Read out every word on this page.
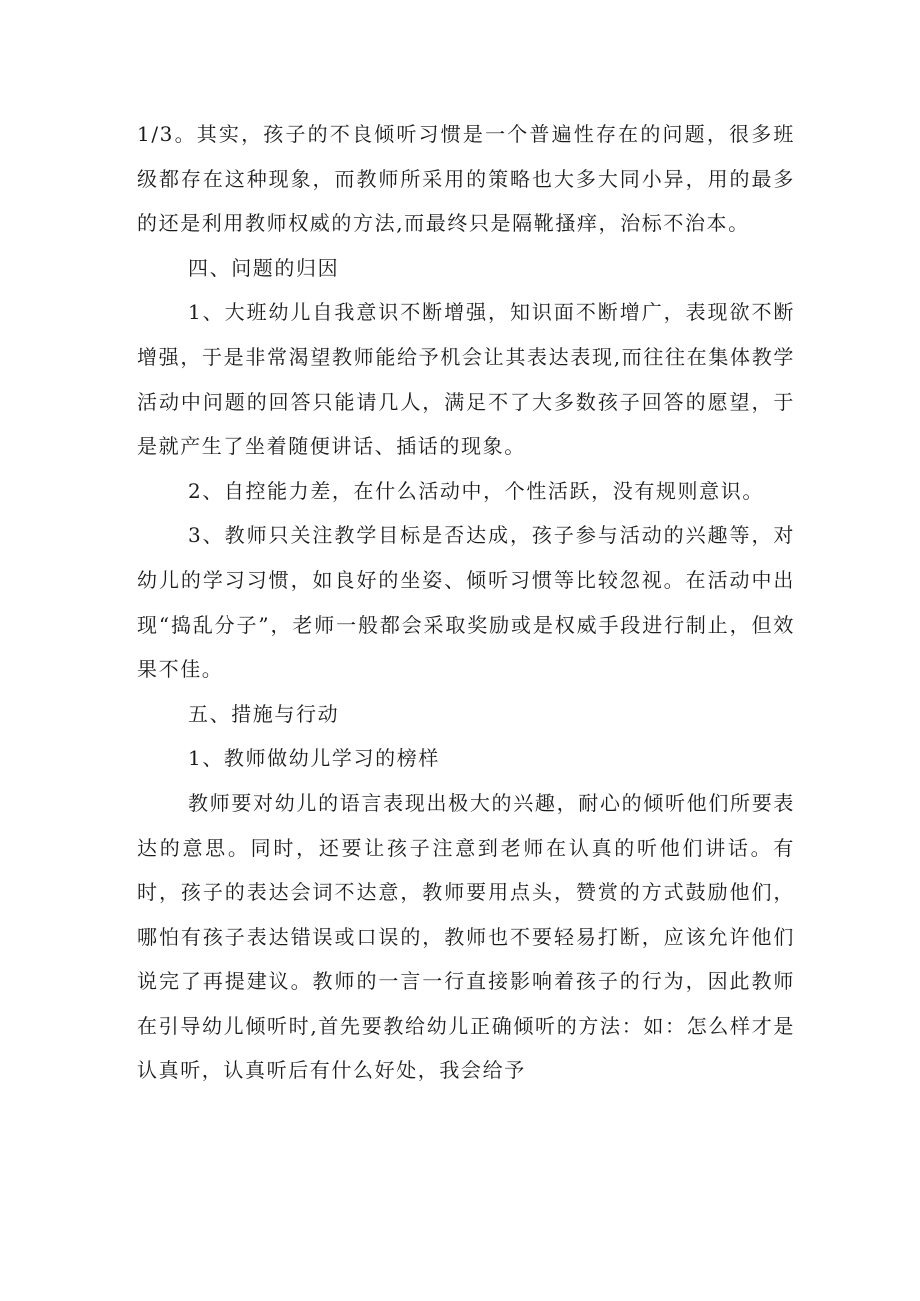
1/3。其实，孩子的不良倾听习惯是一个普遍性存在的问题，很多班级都存在这种现象，而教师所采用的策略也大多大同小异，用的最多的还是利用教师权威的方法,而最终只是隔靴搔痒，治标不治本。

四、问题的归因

1、大班幼儿自我意识不断增强，知识面不断增广，表现欲不断增强，于是非常渴望教师能给予机会让其表达表现,而往往在集体教学活动中问题的回答只能请几人，满足不了大多数孩子回答的愿望，于是就产生了坐着随便讲话、插话的现象。

2、自控能力差，在什么活动中，个性活跃，没有规则意识。

3、教师只关注教学目标是否达成，孩子参与活动的兴趣等，对幼儿的学习习惯，如良好的坐姿、倾听习惯等比较忽视。在活动中出现“捣乱分子”，老师一般都会采取奖励或是权威手段进行制止，但效果不佳。

五、措施与行动

1、教师做幼儿学习的榜样

教师要对幼儿的语言表现出极大的兴趣，耐心的倾听他们所要表达的意思。同时，还要让孩子注意到老师在认真的听他们讲话。有时，孩子的表达会词不达意，教师要用点头，赞赏的方式鼓励他们，哪怕有孩子表达错误或口误的，教师也不要轻易打断，应该允许他们说完了再提建议。教师的一言一行直接影响着孩子的行为，因此教师在引导幼儿倾听时,首先要教给幼儿正确倾听的方法：如：怎么样才是认真听，认真听后有什么好处，我会给予
